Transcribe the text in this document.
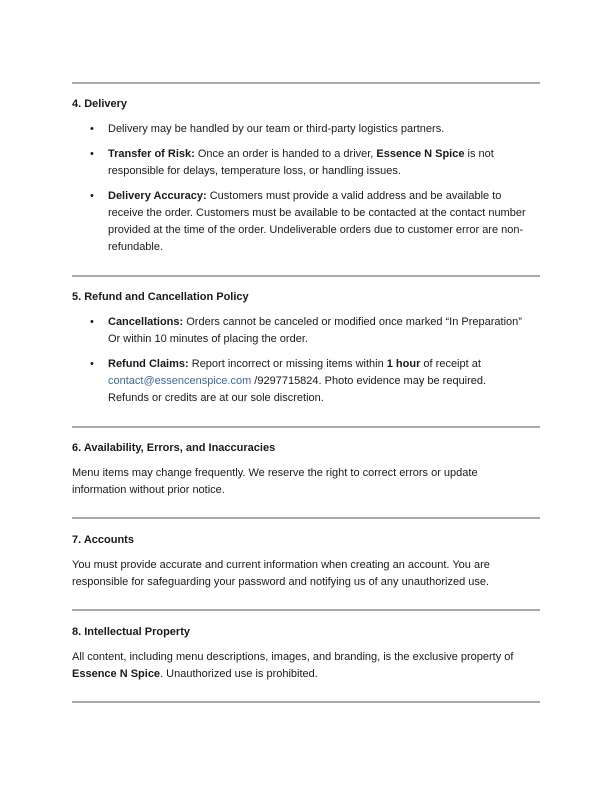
4. Delivery
• Delivery may be handled by our team or third-party logistics partners.

• Transfer of Risk: Once an order is handed to a driver, Essence N Spice is not responsible for delays, temperature loss, or handling issues.

• Delivery Accuracy: Customers must provide a valid address and be available to receive the order. Customers must be available to be contacted at the contact number provided at the time of the order. Undeliverable orders due to customer error are non-refundable.

5. Refund and Cancellation Policy
• Cancellations: Orders cannot be canceled or modified once marked “In Preparation” Or within 10 minutes of placing the order.

• Refund Claims: Report incorrect or missing items within 1 hour of receipt at contact@essencenspice.com /9297715824. Photo evidence may be required. Refunds or credits are at our sole discretion.

6. Availability, Errors, and Inaccuracies

Menu items may change frequently. We reserve the right to correct errors or update information without prior notice.

7. Accounts

You must provide accurate and current information when creating an account. You are responsible for safeguarding your password and notifying us of any unauthorized use.

8. Intellectual Property

All content, including menu descriptions, images, and branding, is the exclusive property of Essence N Spice. Unauthorized use is prohibited.
